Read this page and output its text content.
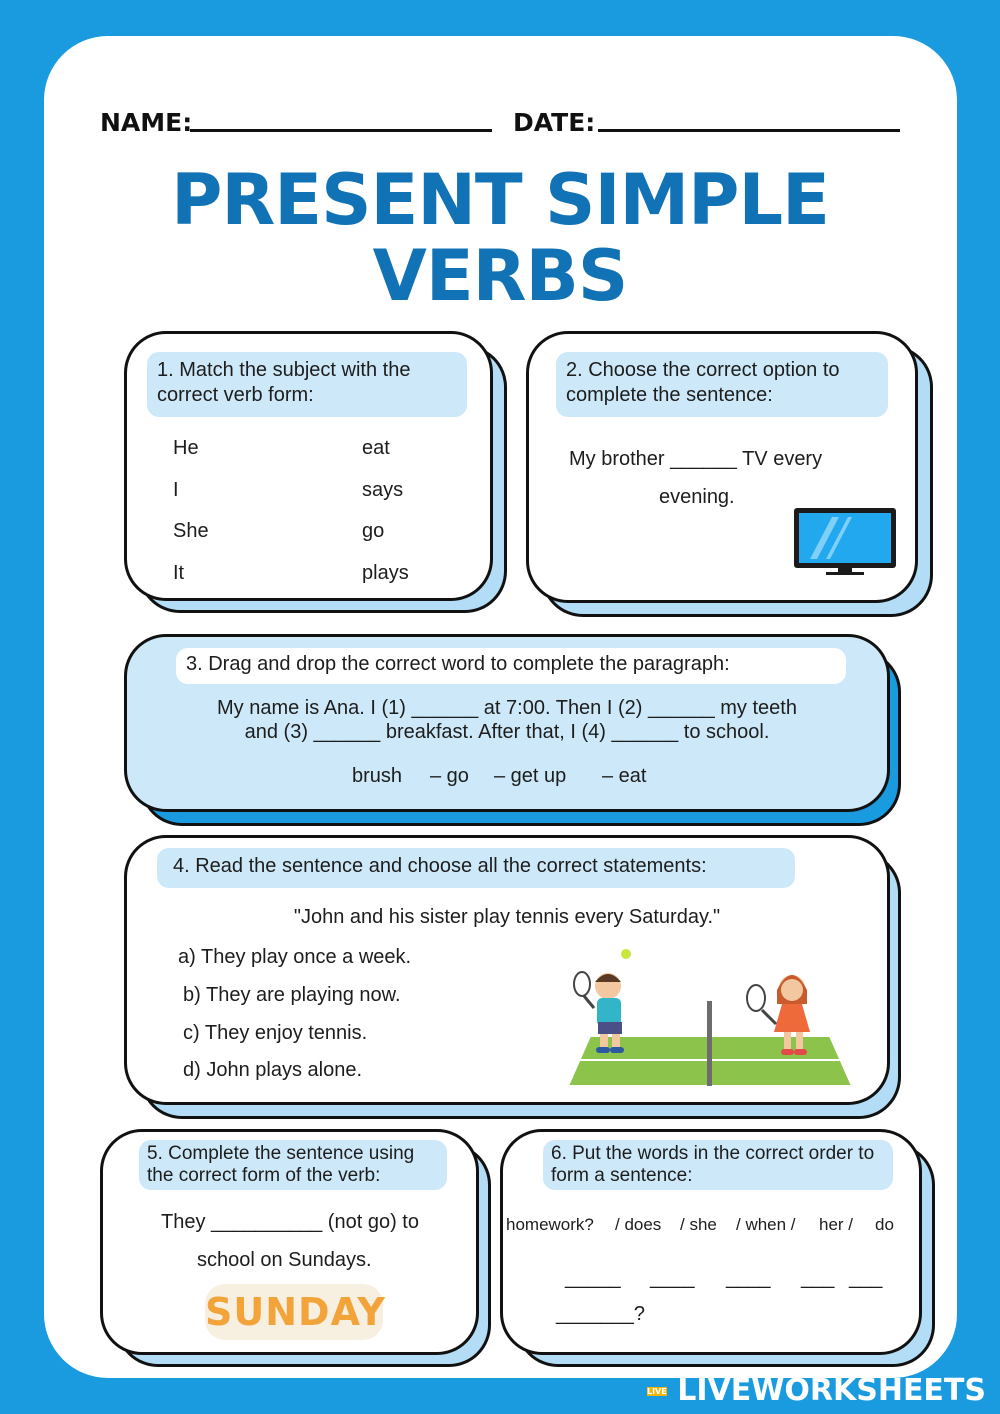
NAME:	DATE:
PRESENT SIMPLE
VERBS
1. Match the subject with the correct verb form:
He
I
She
It
eat
says
go
plays
2. Choose the correct option to complete the sentence:
My brother ______ TV every
evening.
3. Drag and drop the correct word to complete the paragraph:
My name is Ana. I (1) ______ at 7:00. Then I (2) ______ my teeth
and (3) ______ breakfast. After that, I (4) ______ to school.
brush – go – get up – eat
4. Read the sentence and choose all the correct statements:
"John and his sister play tennis every Saturday."
a) They play once a week.
b) They are playing now.
c) They enjoy tennis.
d) John plays alone.
5. Complete the sentence using the correct form of the verb:
They __________ (not go) to
school on Sundays.
SUNDAY
6. Put the words in the correct order to form a sentence:
homework? / does / she / when / her / do
_____ ____ ____ ___ ___
_______?
LIVE LIVEWORKSHEETS
